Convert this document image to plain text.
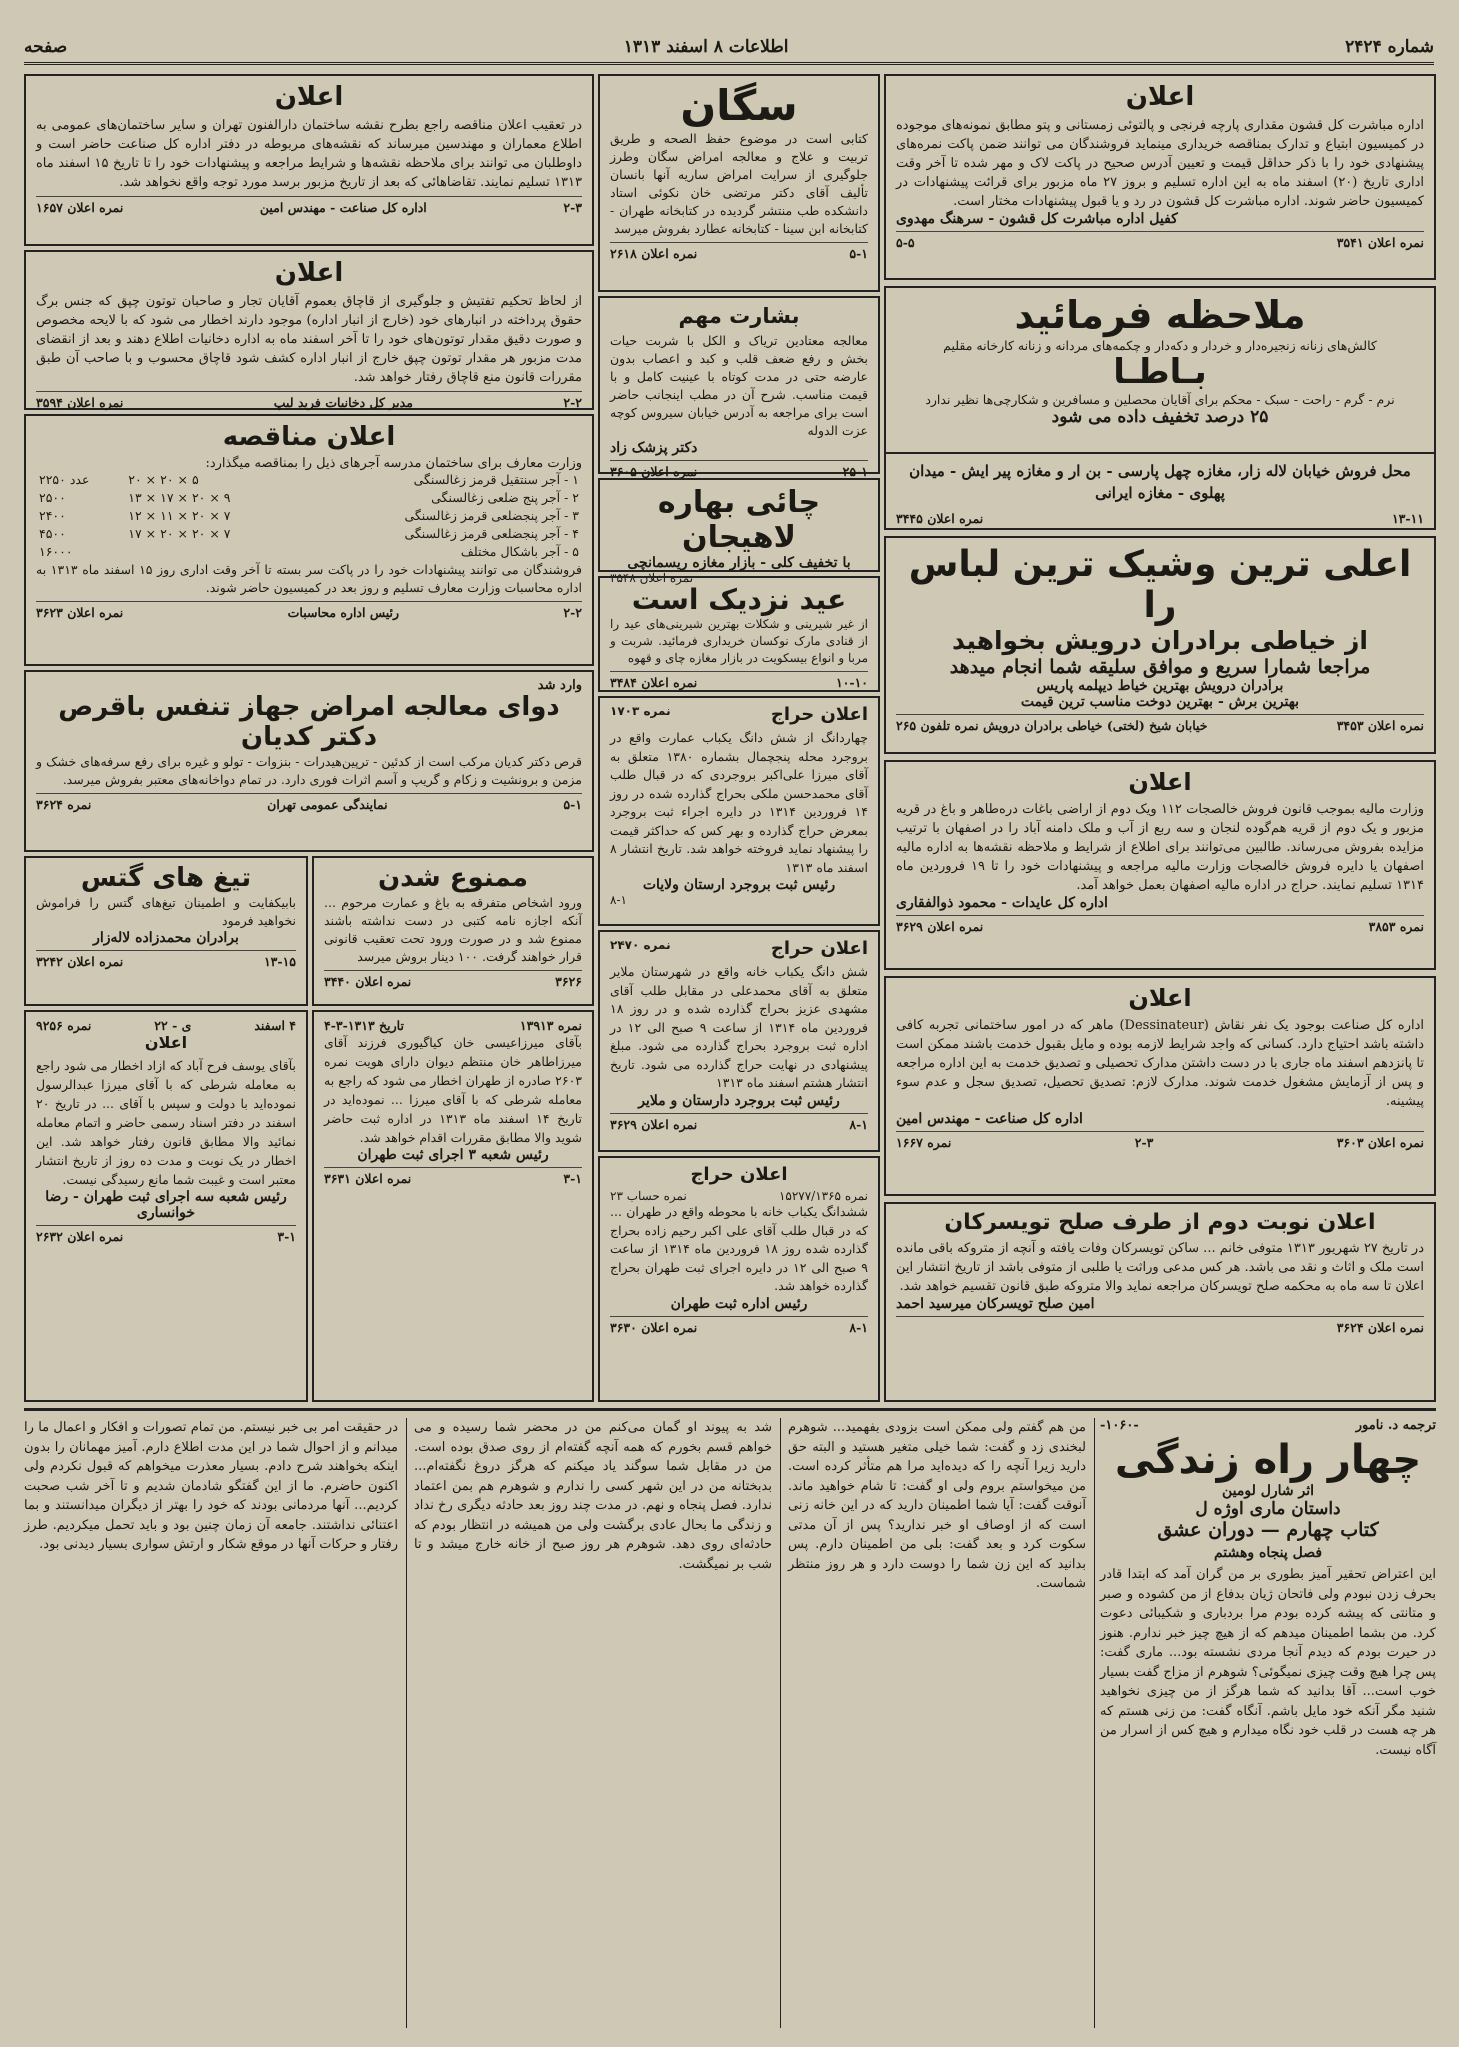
شماره ۲۴۲۴
اطلاعات ۸ اسفند ۱۳۱۳
صفحه
اعلان
اداره مباشرت کل قشون مقداری پارچه فرنجی و پالتوئی زمستانی و پتو مطابق نمونه‌های موجوده در کمیسیون ابتیاع و تدارک بمناقصه خریداری مینماید فروشندگان می توانند ضمن پاکت نمره‌های پیشنهادی خود را با ذکر حداقل قیمت و تعیین آدرس صحیح در پاکت لاک و مهر شده تا آخر وقت اداری تاریخ (۲۰) اسفند ماه به این اداره تسلیم و بروز ۲۷ ماه مزبور برای قرائت پیشنهادات در کمیسیون حاضر شوند. اداره مباشرت کل قشون در رد و یا قبول پیشنهادات مختار است.
کفیل اداره مباشرت کل قشون - سرهنگ مهدوی
نمره اعلان ۳۵۴۱
۵-۵
ملاحظه فرمائید
کالش‌های زنانه زنجیره‌دار و خردار و دکه‌دار و چکمه‌های مردانه و زنانه کارخانه مقلیم
بـاطـا
نرم - گرم - راحت - سبک - محکم برای آقایان محصلین و مسافرین و شکارچی‌ها نظیر ندارد
۲۵ درصد تخفیف داده می شود
محل فروش خیابان لاله زار، مغازه چهل پارسی - بن ار و مغازه پیر ایش - میدان پهلوی - مغازه ایرانی
۱۳-۱۱
نمره اعلان ۳۴۴۵
اعلی ترین وشیک ترین لباس را
از خیاطی برادران درویش بخواهید
مراجعا شمارا سریع و موافق سلیقه شما انجام میدهد
برادران درویش بهترین خیاط دیپلمه پاریس
بهترین برش - بهترین دوخت مناسب ترین قیمت
نمره اعلان ۳۴۵۳
خیابان شیخ (لختی) خیاطی برادران درویش نمره تلفون ۲۶۵
اعلان
وزارت مالیه بموجب قانون فروش خالصجات ۱۱۲ ویک دوم از اراضی باغات دره‌طاهر و باغ در قریه مزبور و یک دوم از قریه هم‌گوده لنجان و سه ربع از آب و ملک دامنه آباد را در اصفهان با ترتیب مزایده بفروش می‌رساند. طالبین می‌توانند برای اطلاع از شرایط و ملاحظه نقشه‌ها به اداره مالیه اصفهان یا دایره فروش خالصجات وزارت مالیه مراجعه و پیشنهادات خود را تا ۱۹ فروردین ماه ۱۳۱۴ تسلیم نمایند. حراج در اداره مالیه اصفهان بعمل خواهد آمد.
اداره کل عایدات - محمود ذوالفقاری
نمره ۳۸۵۳
نمره اعلان ۳۶۲۹
اعلان
اداره کل صناعت بوجود یک نفر نقاش (Dessinateur) ماهر که در امور ساختمانی تجربه کافی داشته باشد احتیاج دارد. کسانی که واجد شرایط لازمه بوده و مایل بقبول خدمت باشند ممکن است تا پانزدهم اسفند ماه جاری با در دست داشتن مدارک تحصیلی و تصدیق خدمت به این اداره مراجعه و پس از آزمایش مشغول خدمت شوند. مدارک لازم: تصدیق تحصیل، تصدیق سجل و عدم سوء پیشینه.
اداره کل صناعت - مهندس امین
نمره اعلان ۳۶۰۳
۲-۳
نمره ۱۶۶۷
اعلان نوبت دوم از طرف صلح تویسرکان
در تاریخ ۲۷ شهریور ۱۳۱۳ متوفی خانم ... ساکن تویسرکان وفات یافته و آنچه از متروکه باقی مانده است ملک و اثاث و نقد می باشد. هر کس مدعی وراثت یا طلبی از متوفی باشد از تاریخ انتشار این اعلان تا سه ماه به محکمه صلح تویسرکان مراجعه نماید والا متروکه طبق قانون تقسیم خواهد شد.
امین صلح تویسرکان میرسید احمد
نمره اعلان ۳۶۲۴
سگان
کتابی است در موضوع حفظ الصحه و طریق تربیت و علاج و معالجه امراض سگان وطرز جلوگیری از سرایت امراض ساریه آنها بانسان تألیف آقای دکتر مرتضی خان نکوئی استاد دانشکده طب منتشر گردیده در کتابخانه طهران - کتابخانه ابن سینا - کتابخانه عطارد بفروش میرسد
۵-۱
نمره اعلان ۲۶۱۸
بشارت مهم
معالجه معتادین تریاک و الکل با شربت حیات بخش و رفع ضعف قلب و کبد و اعصاب بدون عارضه حتی در مدت کوتاه با عینیت کامل و با قیمت مناسب. شرح آن در مطب اینجانب حاضر است برای مراجعه به آدرس خیابان سیروس کوچه عزت الدوله
دکتر پزشک زاد
۲۵-۱
نمره اعلان ۳۶۰۵
چائی بهاره لاهیجان
با تخفیف کلی - بازار مغازه ریسمانچی
نمره اعلان ۳۵۴۸
عید نزدیک است
از غیر شیرینی و شکلات بهترین شیرینی‌های عید را از قنادی مارک نوکسان خریداری فرمائید. شربت و مربا و انواع بیسکویت در بازار مغازه چای و قهوه
۱۰-۱۰
نمره اعلان ۳۴۸۴
اعلان حراج
نمره ۱۷۰۳
چهاردانگ از شش دانگ یکباب عمارت واقع در بروجرد محله پنجچمال بشماره ۱۳۸۰ متعلق به آقای میرزا علی‌اکبر بروجردی که در قبال طلب آقای محمدحسن ملکی بحراج گذارده شده در روز ۱۴ فروردین ۱۳۱۴ در دایره اجراء ثبت بروجرد بمعرض حراج گذارده و بهر کس که حداکثر قیمت را پیشنهاد نماید فروخته خواهد شد. تاریخ انتشار ۸ اسفند ماه ۱۳۱۳
رئیس ثبت بروجرد ارستان ولایات
۸-۱
اعلان حراج
نمره ۲۴۷۰
شش دانگ یکباب خانه واقع در شهرستان ملایر متعلق به آقای محمدعلی در مقابل طلب آقای مشهدی عزیز بحراج گذارده شده و در روز ۱۸ فروردین ماه ۱۳۱۴ از ساعت ۹ صبح الی ۱۲ در اداره ثبت بروجرد بحراج گذارده می شود. مبلغ پیشنهادی در نهایت حراج گذارده می شود. تاریخ انتشار هشتم اسفند ماه ۱۳۱۳
رئیس ثبت بروجرد دارستان و ملایر
۸-۱
نمره اعلان ۳۶۲۹
اعلان حراج
نمره ۱۵۲۷۷/۱۳۶۵
نمره حساب ۲۳
ششدانگ یکباب خانه با محوطه واقع در طهران ... که در قبال طلب آقای علی اکبر رحیم زاده بحراج گذارده شده روز ۱۸ فروردین ماه ۱۳۱۴ از ساعت ۹ صبح الی ۱۲ در دایره اجرای ثبت طهران بحراج گذارده خواهد شد.
رئیس اداره ثبت طهران
۸-۱
نمره اعلان ۳۶۳۰
اعلان
در تعقیب اعلان مناقصه راجع بطرح نقشه ساختمان دارالفنون تهران و سایر ساختمان‌های عمومی به اطلاع معماران و مهندسین میرساند که نقشه‌های مربوطه در دفتر اداره کل صناعت حاضر است و داوطلبان می توانند برای ملاحظه نقشه‌ها و شرایط مراجعه و پیشنهادات خود را تا تاریخ ۱۵ اسفند ماه ۱۳۱۳ تسلیم نمایند. تقاضاهائی که بعد از تاریخ مزبور برسد مورد توجه واقع نخواهد شد.
۲-۳
اداره کل صناعت - مهندس امین
نمره اعلان ۱۶۵۷
اعلان
از لحاظ تحکیم تفتیش و جلوگیری از قاچاق بعموم آقایان تجار و صاحبان توتون چپق که جنس برگ حقوق پرداخته در انبارهای خود (خارج از انبار اداره) موجود دارند اخطار می شود که با لایحه مخصوص و صورت دقیق مقدار توتون‌های خود را تا آخر اسفند ماه به اداره دخانیات اطلاع دهند و بعد از انقضای مدت مزبور هر مقدار توتون چپق خارج از انبار اداره کشف شود قاچاق محسوب و با صاحب آن طبق مقررات قانون منع قاچاق رفتار خواهد شد.
۲-۲
مدیر کل دخانیات فرید لیپ
نمره اعلان ۳۵۹۴
اعلان مناقصه
وزارت معارف برای ساختمان مدرسه آجرهای ذیل را بمناقصه میگذارد:
۱ - آجر سنتقیل قرمز زغالسنگی	۲۰ × ۲۰ × ۵	۲۲۵۰ عدد
۲ - آجر پنج ضلعی زغالسنگی	۱۳ × ۱۷ × ۲۰ × ۹	۲۵۰۰
۳ - آجر پنجضلعی قرمز زغالسنگی	۱۲ × ۱۱ × ۲۰ × ۷	۲۴۰۰
۴ - آجر پنجضلعی قرمز زغالسنگی	۱۷ × ۲۰ × ۲۰ × ۷	۴۵۰۰
۵ - آجر باشکال مختلف		۱۶۰۰۰
فروشندگان می توانند پیشنهادات خود را در پاکت سر بسته تا آخر وقت اداری روز ۱۵ اسفند ماه ۱۳۱۳ به اداره محاسبات وزارت معارف تسلیم و روز بعد در کمیسیون حاضر شوند.
۲-۲
رئیس اداره محاسبات
نمره اعلان ۳۶۲۳
وارد شد
دوای معالجه امراض جهاز تنفس باقرص دکتر کدیان
قرص دکتر کدیان مرکب است از کدئین - ترپین‌هیدرات - بنزوات - تولو و غیره برای رفع سرفه‌های خشک و مزمن و برونشیت و زکام و گریپ و آسم اثرات فوری دارد. در تمام دواخانه‌های معتبر بفروش میرسد.
۵-۱
نمایندگی عمومی تهران
نمره ۳۶۲۴
ممنوع شدن
ورود اشخاص متفرقه به باغ و عمارت مرحوم ... آنکه اجازه نامه کتبی در دست نداشته باشند ممنوع شد و در صورت ورود تحت تعقیب قانونی قرار خواهند گرفت. ۱۰۰ دینار بروش میرسد
۳۶۲۶
نمره اعلان ۳۴۴۰
تیغ های گتس
بابیکفایت و اطمینان تیغ‌های گتس را فراموش نخواهید فرمود
برادران محمدزاده لاله‌زار
۱۳-۱۵
نمره اعلان ۳۲۴۲
نمره ۱۳۹۱۳
تاریخ ۱۳۱۳-۳-۴
بآقای میرزاعیسی خان کیاگیوری فرزند آقای میرزاطاهر خان منتظم دیوان دارای هویت نمره ۲۶۰۳ صادره از طهران اخطار می شود که راجع به معامله شرطی که با آقای میرزا ... نموده‌اید در تاریخ ۱۴ اسفند ماه ۱۳۱۳ در اداره ثبت حاضر شوید والا مطابق مقررات اقدام خواهد شد.
رئیس شعبه ۳ اجرای ثبت طهران
۳-۱
نمره اعلان ۳۶۳۱
۴ اسفند
ی - ۲۲
نمره ۹۲۵۶
اعلان
بآقای یوسف فرح آباد که ازاد اخطار می شود راجع به معامله شرطی که با آقای میرزا عبدالرسول نموده‌اید با دولت و سپس با آقای ... در تاریخ ۲۰ اسفند در دفتر اسناد رسمی حاضر و اتمام معامله نمائید والا مطابق قانون رفتار خواهد شد. این اخطار در یک نوبت و مدت ده روز از تاریخ انتشار معتبر است و غیبت شما مانع رسیدگی نیست.
رئیس شعبه سه اجرای ثبت طهران - رضا خوانساری
۳-۱
نمره اعلان ۲۶۳۲
ترجمه د. نامور
-۱۰۶۰-
چهار راه زندگی
اثر شارل لومین
داستان ماری اوژه ل
کتاب چهارم — دوران عشق
فصل پنجاه وهشتم
این اعتراض تحقیر آمیز بطوری بر من گران آمد که ابتدا قادر بحرف زدن نبودم ولی فاتحان ژیان بدفاع از من کشوده و صبر و متانتی که پیشه کرده بودم مرا بردباری و شکیبائی دعوت کرد. من بشما اطمینان میدهم که از هیچ چیز خبر ندارم. هنوز در حیرت بودم که دیدم آنجا مردی نشسته بود... ماری گفت: پس چرا هیچ وقت چیزی نمیگوئی؟ شوهرم از مزاج گفت بسیار خوب است... آقا بدانید که شما هرگز از من چیزی نخواهید شنید مگر آنکه خود مایل باشم. آنگاه گفت: من زنی هستم که هر چه هست در قلب خود نگاه میدارم و هیچ کس از اسرار من آگاه نیست.
من هم گفتم ولی ممکن است بزودی بفهمید... شوهرم لبخندی زد و گفت: شما خیلی متغیر هستید و البته حق دارید زیرا آنچه را که دیده‌اید مرا هم متأثر کرده است. من میخواستم بروم ولی او گفت: تا شام خواهید ماند. آنوقت گفت: آیا شما اطمینان دارید که در این خانه زنی است که از اوصاف او خبر ندارید؟ پس از آن مدتی سکوت کرد و بعد گفت: بلی من اطمینان دارم. پس بدانید که این زن شما را دوست دارد و هر روز منتظر شماست.
شد به پیوند او گمان می‌کنم من در محضر شما رسیده و می خواهم قسم بخورم که همه آنچه گفته‌ام از روی صدق بوده است. من در مقابل شما سوگند یاد میکنم که هرگز دروغ نگفته‌ام... بدبختانه من در این شهر کسی را ندارم و شوهرم هم بمن اعتماد ندارد. فصل پنجاه و نهم. در مدت چند روز بعد حادثه دیگری رخ نداد و زندگی ما بحال عادی برگشت ولی من همیشه در انتظار بودم که حادثه‌ای روی دهد. شوهرم هر روز صبح از خانه خارج میشد و تا شب بر نمیگشت.
در حقیقت امر بی خبر نیستم. من تمام تصورات و افکار و اعمال ما را میدانم و از احوال شما در این مدت اطلاع دارم. آمیز مهمانان را بدون اینکه بخواهند شرح دادم. بسیار معذرت میخواهم که قبول نکردم ولی اکنون حاضرم. ما از این گفتگو شادمان شدیم و تا آخر شب صحبت کردیم... آنها مردمانی بودند که خود را بهتر از دیگران میدانستند و بما اعتنائی نداشتند. جامعه آن زمان چنین بود و باید تحمل میکردیم. طرز رفتار و حرکات آنها در موقع شکار و ارتش سواری بسیار دیدنی بود.
